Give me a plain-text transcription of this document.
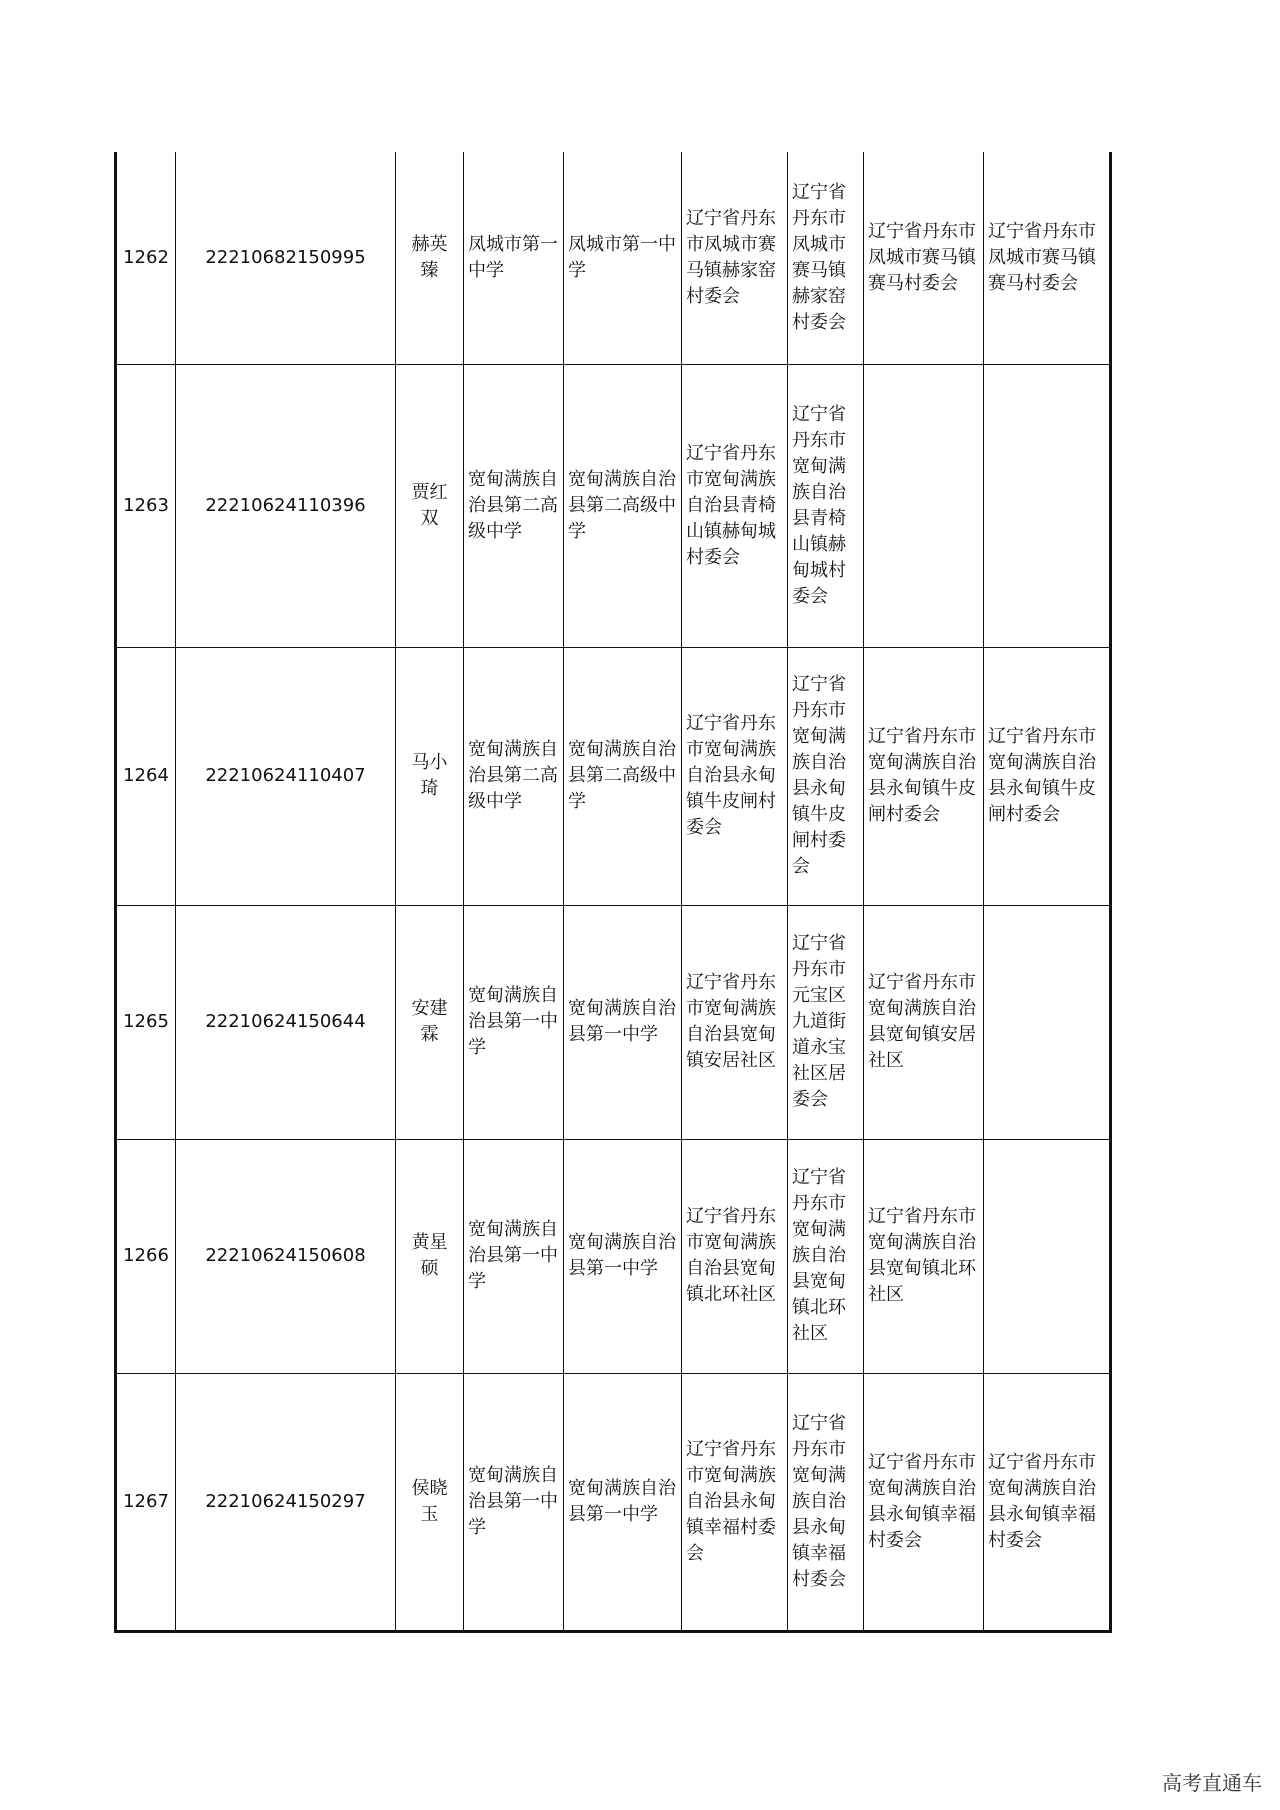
1262	22210682150995	赫英臻	凤城市第一中学	凤城市第一中学	辽宁省丹东市凤城市赛马镇赫家窑村委会	辽宁省丹东市凤城市赛马镇赫家窑村委会	辽宁省丹东市凤城市赛马镇赛马村委会	辽宁省丹东市凤城市赛马镇赛马村委会
1263	22210624110396	贾红双	宽甸满族自治县第二高级中学	宽甸满族自治县第二高级中学	辽宁省丹东市宽甸满族自治县青椅山镇赫甸城村委会	辽宁省丹东市宽甸满族自治县青椅山镇赫甸城村委会		
1264	22210624110407	马小琦	宽甸满族自治县第二高级中学	宽甸满族自治县第二高级中学	辽宁省丹东市宽甸满族自治县永甸镇牛皮闸村委会	辽宁省丹东市宽甸满族自治县永甸镇牛皮闸村委会	辽宁省丹东市宽甸满族自治县永甸镇牛皮闸村委会	辽宁省丹东市宽甸满族自治县永甸镇牛皮闸村委会
1265	22210624150644	安建霖	宽甸满族自治县第一中学	宽甸满族自治县第一中学	辽宁省丹东市宽甸满族自治县宽甸镇安居社区	辽宁省丹东市元宝区九道街道永宝社区居委会	辽宁省丹东市宽甸满族自治县宽甸镇安居社区	
1266	22210624150608	黄星硕	宽甸满族自治县第一中学	宽甸满族自治县第一中学	辽宁省丹东市宽甸满族自治县宽甸镇北环社区	辽宁省丹东市宽甸满族自治县宽甸镇北环社区	辽宁省丹东市宽甸满族自治县宽甸镇北环社区	
1267	22210624150297	侯晓玉	宽甸满族自治县第一中学	宽甸满族自治县第一中学	辽宁省丹东市宽甸满族自治县永甸镇幸福村委会	辽宁省丹东市宽甸满族自治县永甸镇幸福村委会	辽宁省丹东市宽甸满族自治县永甸镇幸福村委会	辽宁省丹东市宽甸满族自治县永甸镇幸福村委会
高考直通车
